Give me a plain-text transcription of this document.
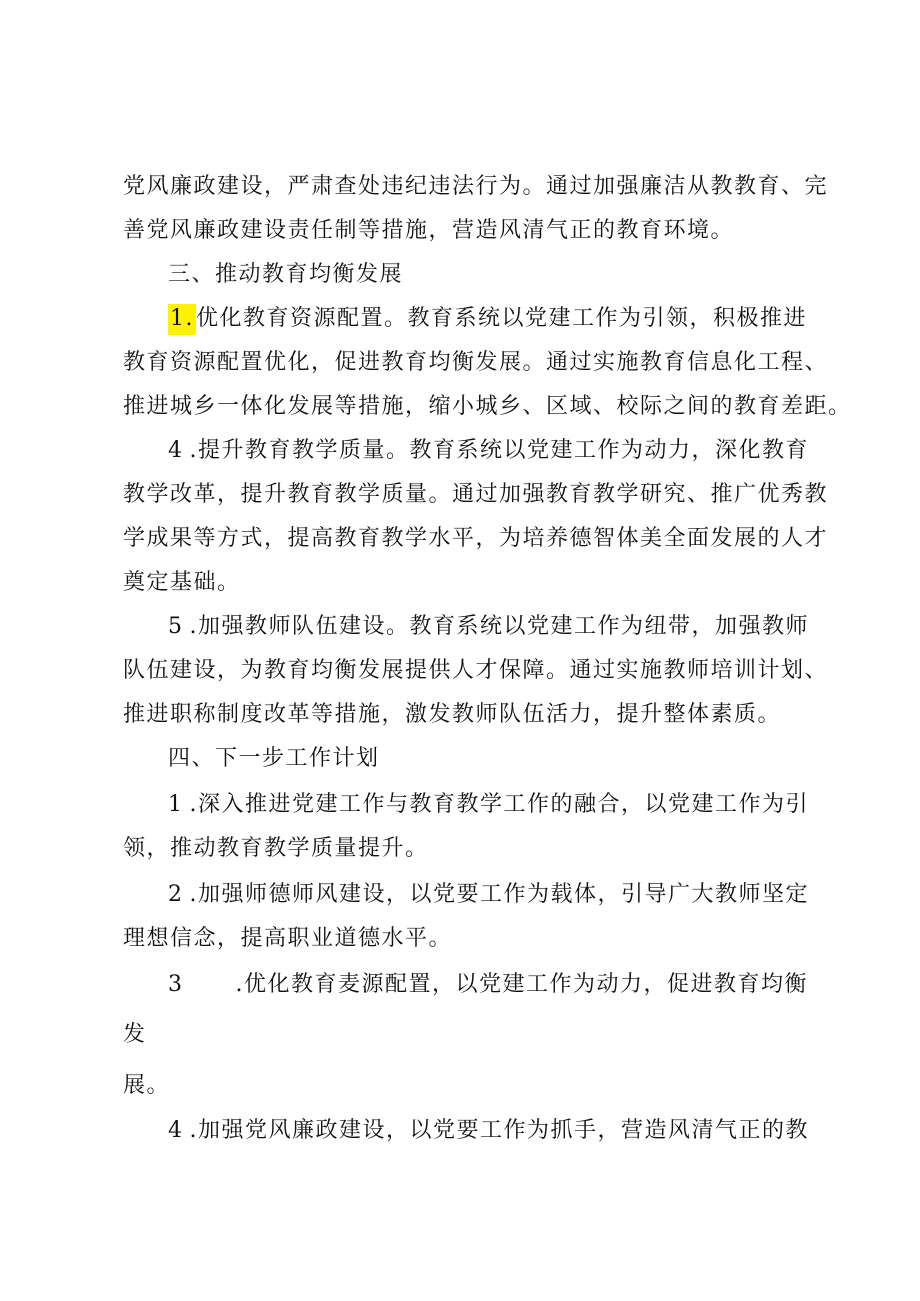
党风廉政建设，严肃查处违纪违法行为。通过加强廉洁从教教育、完
善党风廉政建设责任制等措施，营造风清气正的教育环境。
三、推动教育均衡发展
1.优化教育资源配置。教育系统以党建工作为引领，积极推进
教育资源配置优化，促进教育均衡发展。通过实施教育信息化工程、
推进城乡一体化发展等措施，缩小城乡、区域、校际之间的教育差距。
4 .提升教育教学质量。教育系统以党建工作为动力，深化教育
教学改革，提升教育教学质量。通过加强教育教学研究、推广优秀教
学成果等方式，提高教育教学水平，为培养德智体美全面发展的人才
奠定基础。
5 .加强教师队伍建设。教育系统以党建工作为纽带，加强教师
队伍建设，为教育均衡发展提供人才保障。通过实施教师培训计划、
推进职称制度改革等措施，激发教师队伍活力，提升整体素质。
四、下一步工作计划
1 .深入推进党建工作与教育教学工作的融合，以党建工作为引
领，推动教育教学质量提升。
2 .加强师德师风建设，以党要工作为载体，引导广大教师坚定
理想信念，提高职业道德水平。
3 .优化教育麦源配置，以党建工作为动力，促进教育均衡
发
展。
4 .加强党风廉政建设，以党要工作为抓手，营造风清气正的教
